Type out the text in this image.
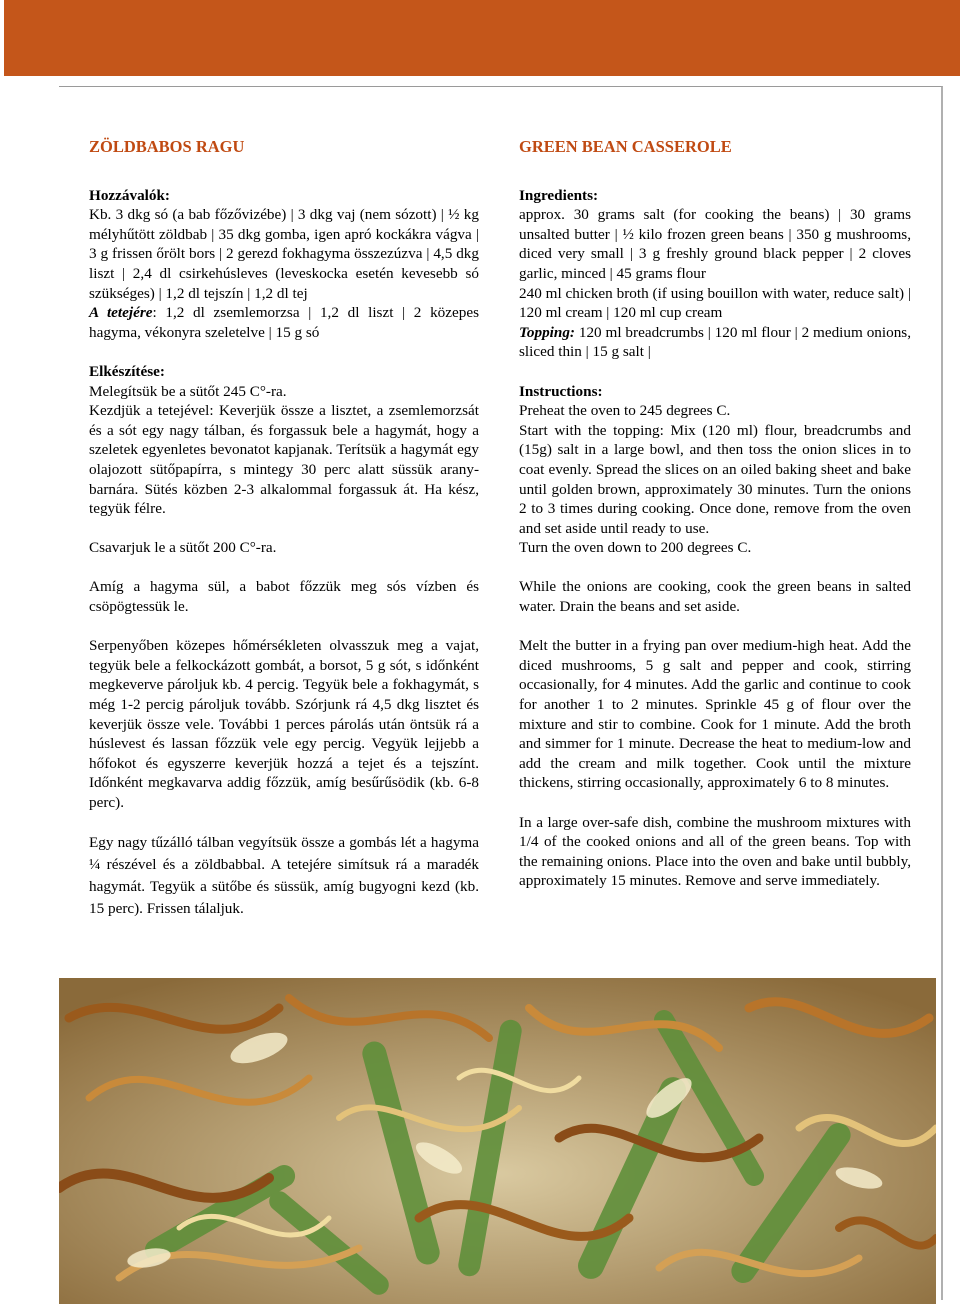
ZÖLDBABOS RAGU
Hozzávalók:

Kb. 3 dkg só (a bab főzővizébe) | 3 dkg vaj (nem sózott) | ½ kg mélyhűtött zöldbab | 35 dkg gomba, igen apró kockákra vágva | 3 g frissen őrölt bors | 2 gerezd fokhagyma összezúzva | 4,5 dkg liszt | 2,4 dl csirkehúsleves (leveskocka esetén kevesebb só szükséges) | 1,2 dl tejszín | 1,2 dl tej

A tetejére: 1,2 dl zsemlemorzsa | 1,2 dl liszt | 2 közepes hagyma, vékonyra szeletelve | 15 g só

Elkészítése:

Melegítsük be a sütőt 245 C°-ra.

Kezdjük a tetejével: Keverjük össze a lisztet, a zsemlemorzsát és a sót egy nagy tálban, és forgassuk bele a hagymát, hogy a szeletek egyenletes bevonatot kapjanak. Terítsük a hagymát egy olajozott sütőpapírra, s mintegy 30 perc alatt süssük arany-barnára. Sütés közben 2-3 alkalommal forgassuk át. Ha kész, tegyük félre.

Csavarjuk le a sütőt 200 C°-ra.

Amíg a hagyma sül, a babot főzzük meg sós vízben és csöpögtessük le.

Serpenyőben közepes hőmérsékleten olvasszuk meg a vajat, tegyük bele a felkockázott gombát, a borsot, 5 g sót, s időnként megkeverve pároljuk kb. 4 percig. Tegyük bele a fokhagymát, s még 1-2 percig pároljuk tovább. Szórjunk rá 4,5 dkg lisztet és keverjük össze vele. További 1 perces párolás után öntsük rá a húslevest és lassan főzzük vele egy percig. Vegyük lejjebb a hőfokot és egyszerre keverjük hozzá a tejet és a tejszínt. Időnként megkavarva addig főzzük, amíg besűrűsödik (kb. 6-8 perc).

Egy nagy tűzálló tálban vegyítsük össze a gombás lét a hagyma ¼ részével és a zöldbabbal. A tetejére simítsuk rá a maradék hagymát. Tegyük a sütőbe és süssük, amíg bugyogni kezd (kb. 15 perc). Frissen tálaljuk.

GREEN BEAN CASSEROLE
Ingredients:

approx. 30 grams salt (for cooking the beans) | 30 grams unsalted butter | ½ kilo frozen green beans | 350 g mushrooms, diced very small | 3 g freshly ground black pepper | 2 cloves garlic, minced | 45 grams flour

240 ml chicken broth (if using bouillon with water, reduce salt) | 120 ml cream | 120 ml cup cream

Topping: 120 ml breadcrumbs | 120 ml flour | 2 medium onions, sliced thin | 15 g salt |

Instructions:

Preheat the oven to 245 degrees C.

Start with the topping: Mix (120 ml) flour, breadcrumbs and (15g) salt in a large bowl, and then toss the onion slices in to coat evenly. Spread the slices on an oiled baking sheet and bake until golden brown, approximately 30 minutes. Turn the onions 2 to 3 times during cooking. Once done, remove from the oven and set aside until ready to use.

Turn the oven down to 200 degrees C.

While the onions are cooking, cook the green beans in salted water. Drain the beans and set aside.

Melt the butter in a frying pan over medium-high heat. Add the diced mushrooms, 5 g salt and pepper and cook, stirring occasionally, for 4 minutes. Add the garlic and continue to cook for another 1 to 2 minutes. Sprinkle 45 g of flour over the mixture and stir to combine. Cook for 1 minute. Add the broth and simmer for 1 minute. Decrease the heat to medium-low and add the cream and milk together. Cook until the mixture thickens, stirring occasionally, approximately 6 to 8 minutes.

In a large over-safe dish, combine the mushroom mixtures with 1/4 of the cooked onions and all of the green beans. Top with the remaining onions. Place into the oven and bake until bubbly, approximately 15 minutes. Remove and serve immediately.
